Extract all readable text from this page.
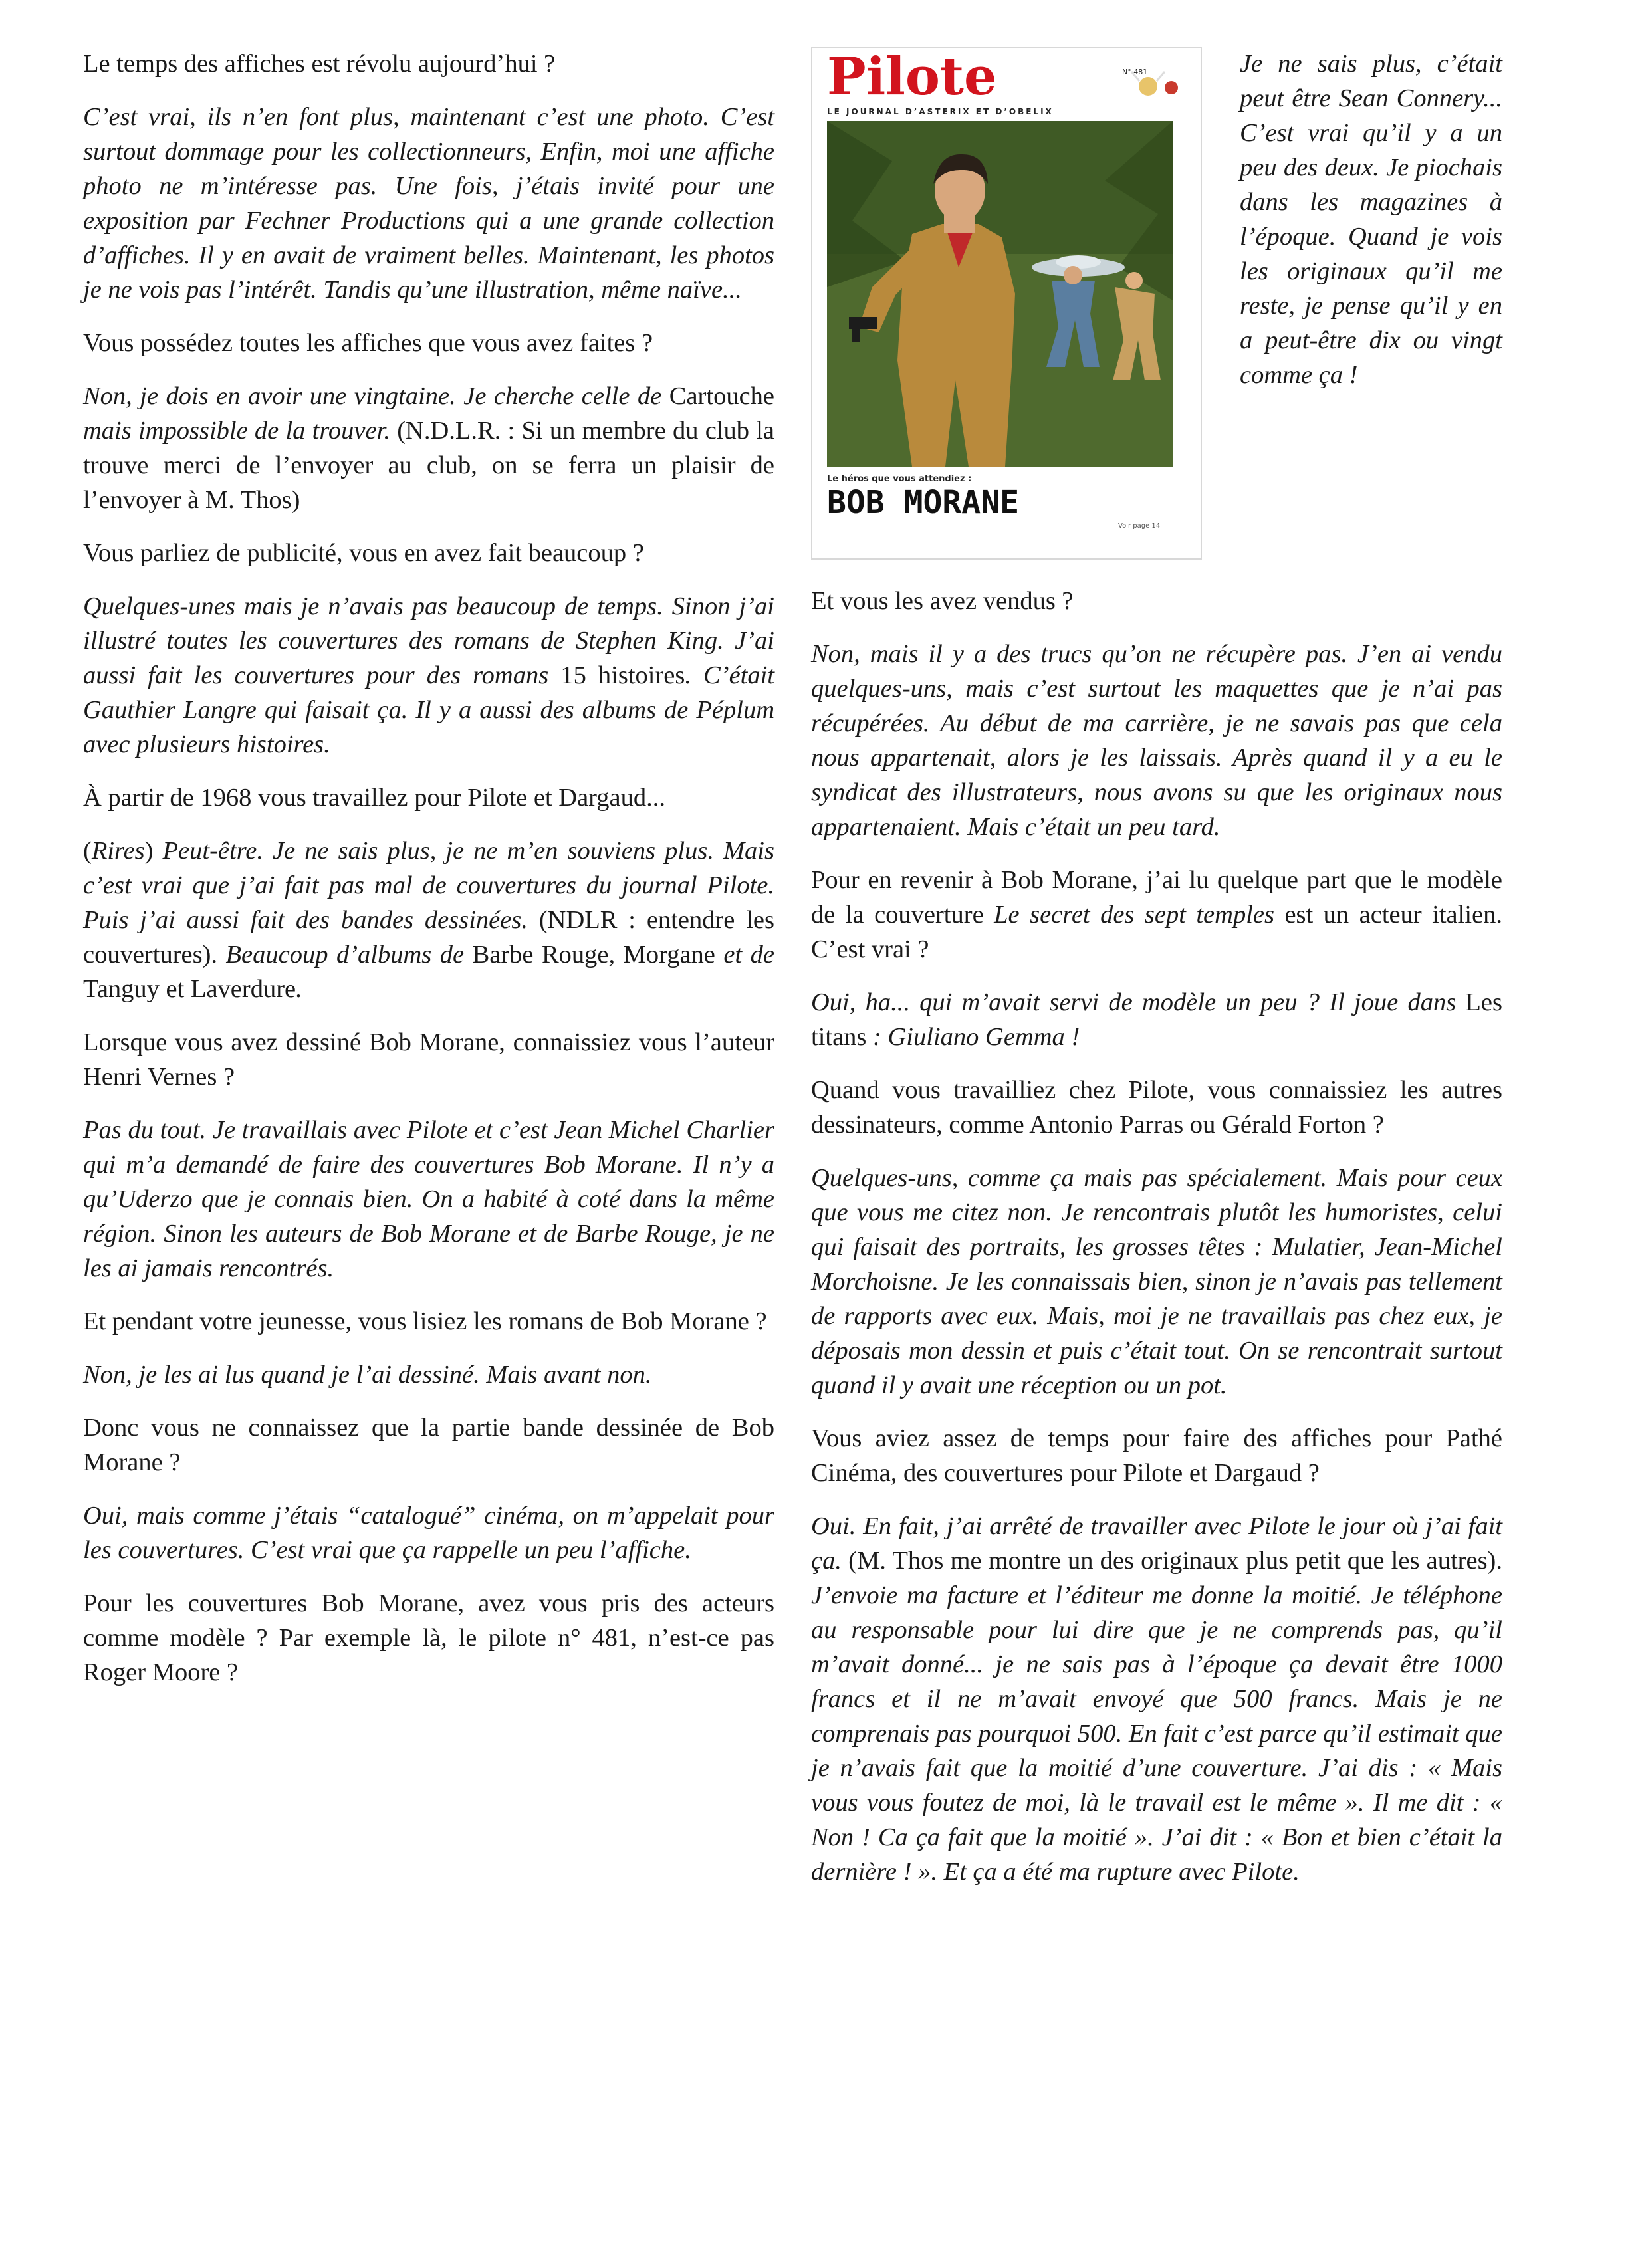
Le temps des affiches est révolu aujourd’hui ?

C’est vrai, ils n’en font plus, maintenant c’est une photo. C’est surtout dommage pour les collectionneurs, Enfin, moi une affiche photo ne m’intéresse pas. Une fois, j’étais invité pour une exposition par Fechner Productions qui a une grande collection d’affiches. Il y en avait de vraiment belles. Maintenant, les photos je ne vois pas l’intérêt. Tandis qu’une illustration, même naïve...

Vous possédez toutes les affiches que vous avez faites ?

Non, je dois en avoir une vingtaine. Je cherche celle de Cartouche mais impossible de la trouver. (N.D.L.R. : Si un membre du club la trouve merci de l’envoyer au club, on se ferra un plaisir de l’envoyer à M. Thos)

Vous parliez de publicité, vous en avez fait beaucoup ?

Quelques-unes mais je n’avais pas beaucoup de temps. Sinon j’ai illustré toutes les couvertures des romans de Stephen King. J’ai aussi fait les couvertures pour des romans 15 histoires. C’était Gauthier Langre qui faisait ça. Il y a aussi des albums de Péplum avec plusieurs histoires.

À partir de 1968 vous travaillez pour Pilote et Dargaud...

(Rires) Peut-être. Je ne sais plus, je ne m’en souviens plus. Mais c’est vrai que j’ai fait pas mal de couvertures du journal Pilote. Puis j’ai aussi fait des bandes dessinées. (NDLR : entendre les couvertures). Beaucoup d’albums de Barbe Rouge, Morgane et de Tanguy et Laverdure.

Lorsque vous avez dessiné Bob Morane, connaissiez vous l’auteur Henri Vernes ?

Pas du tout. Je travaillais avec Pilote et c’est Jean Michel Charlier qui m’a demandé de faire des couvertures Bob Morane. Il n’y a qu’Uderzo que je connais bien. On a habité à coté dans la même région. Sinon les auteurs de Bob Morane et de Barbe Rouge, je ne les ai jamais rencontrés.

Et pendant votre jeunesse, vous lisiez les romans de Bob Morane ?

Non, je les ai lus quand je l’ai dessiné. Mais avant non.

Donc vous ne connaissez que la partie bande dessinée de Bob Morane ?

Oui, mais comme j’étais “catalogué” cinéma, on m’appelait pour les couvertures. C’est vrai que ça rappelle un peu l’affiche.

Pour les couvertures Bob Morane, avez vous pris des acteurs comme modèle ? Par exemple là, le pilote n° 481, n’est-ce pas Roger Moore ?

Pilote	N° 481
LE JOURNAL D’ASTERIX ET D’OBELIX
Le héros que vous attendiez :
BOB MORANE
Voir page 14
Je ne sais plus, c’était peut être Sean Connery... C’est vrai qu’il y a un peu des deux. Je piochais dans les magazines à l’époque. Quand je vois les originaux qu’il me reste, je pense qu’il y en a peut-être dix ou vingt comme ça !

Et vous les avez vendus ?

Non, mais il y a des trucs qu’on ne récupère pas. J’en ai vendu quelques-uns, mais c’est surtout les maquettes que je n’ai pas récupérées. Au début de ma carrière, je ne savais pas que cela nous appartenait, alors je les laissais. Après quand il y a eu le syndicat des illustrateurs, nous avons su que les originaux nous appartenaient. Mais c’était un peu tard.

Pour en revenir à Bob Morane, j’ai lu quelque part que le modèle de la couverture Le secret des sept temples est un acteur italien. C’est vrai ?

Oui, ha... qui m’avait servi de modèle un peu ? Il joue dans Les titans : Giuliano Gemma !

Quand vous travailliez chez Pilote, vous connaissiez les autres dessinateurs, comme Antonio Parras ou Gérald Forton ?

Quelques-uns, comme ça mais pas spécialement. Mais pour ceux que vous me citez non. Je rencontrais plutôt les humoristes, celui qui faisait des portraits, les grosses têtes : Mulatier, Jean-Michel Morchoisne. Je les connaissais bien, sinon je n’avais pas tellement de rapports avec eux. Mais, moi je ne travaillais pas chez eux, je déposais mon dessin et puis c’était tout. On se rencontrait surtout quand il y avait une réception ou un pot.

Vous aviez assez de temps pour faire des affiches pour Pathé Cinéma, des couvertures pour Pilote et Dargaud ?

Oui. En fait, j’ai arrêté de travailler avec Pilote le jour où j’ai fait ça. (M. Thos me montre un des originaux plus petit que les autres). J’envoie ma facture et l’éditeur me donne la moitié. Je téléphone au responsable pour lui dire que je ne comprends pas, qu’il m’avait donné... je ne sais pas à l’époque ça devait être 1000 francs et il ne m’avait envoyé que 500 francs. Mais je ne comprenais pas pourquoi 500. En fait c’est parce qu’il estimait que je n’avais fait que la moitié d’une couverture. J’ai dis : « Mais vous vous foutez de moi, là le travail est le même ». Il me dit : « Non ! Ca ça fait que la moitié ». J’ai dit : « Bon et bien c’était la dernière ! ». Et ça a été ma rupture avec Pilote.
